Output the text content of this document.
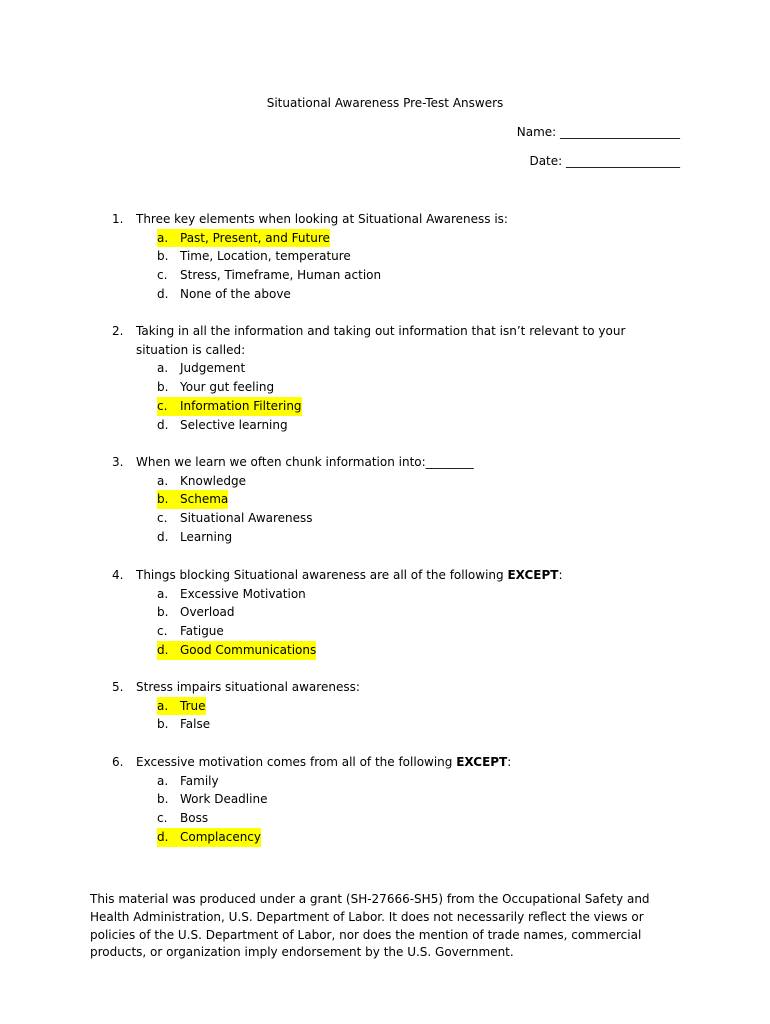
Situational Awareness Pre-Test Answers
Name: ____________________
Date: ___________________
1.	Three key elements when looking at Situational Awareness is:
a. Past, Present, and Future
b. Time, Location, temperature
c.	Stress, Timeframe, Human action
d. None of the above
2.	Taking in all the information and taking out information that isn’t relevant to your situation is called:
a. Judgement
b. Your gut feeling
c.	Information Filtering
d. Selective learning
3.	When we learn we often chunk information into:________
a. Knowledge
b. Schema
c.	Situational Awareness
d. Learning
4.	Things blocking Situational awareness are all of the following EXCEPT:
a. Excessive Motivation
b. Overload
c.	Fatigue
d. Good Communications
5.	Stress impairs situational awareness:
a. True
b. False
6.	Excessive motivation comes from all of the following EXCEPT:
a. Family
b. Work Deadline
c.	Boss
d. Complacency
This material was produced under a grant (SH-27666-SH5) from the Occupational Safety and Health Administration, U.S. Department of Labor. It does not necessarily reflect the views or policies of the U.S. Department of Labor, nor does the mention of trade names, commercial products, or organization imply endorsement by the U.S. Government.
